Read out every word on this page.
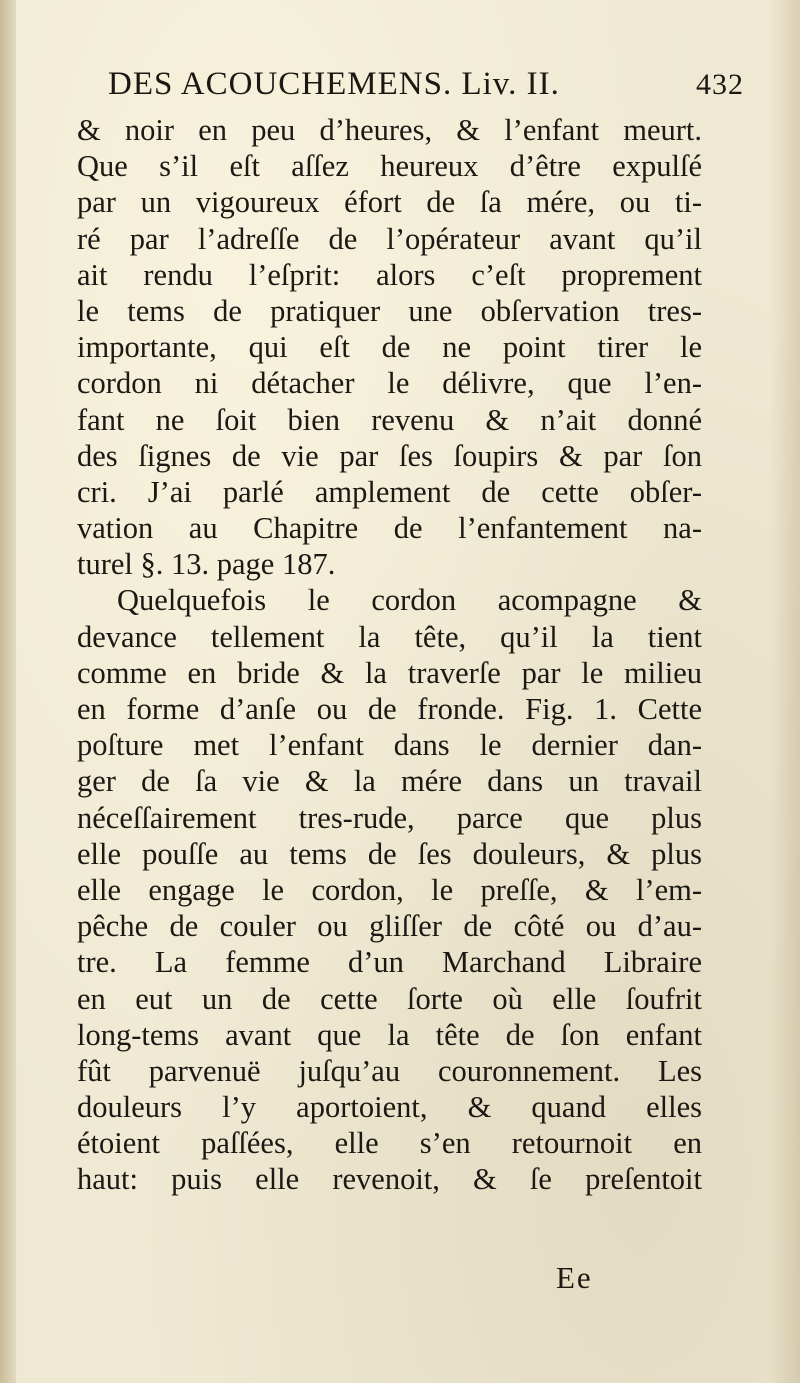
DES ACOUCHEMENS. Liv. II.	432
& noir en peu d’heures, & l’enfant meurt.
Que s’il eſt aſſez heureux d’être expulſé
par un vigoureux éfort de ſa mére, ou ti-
ré par l’adreſſe de l’opérateur avant qu’il
ait rendu l’eſprit: alors c’eſt proprement
le tems de pratiquer une obſervation tres-
importante, qui eſt de ne point tirer le
cordon ni détacher le délivre, que l’en-
fant ne ſoit bien revenu & n’ait donné
des ſignes de vie par ſes ſoupirs & par ſon
cri. J’ai parlé amplement de cette obſer-
vation au Chapitre de l’enfantement na-
turel §. 13. page 187.
Quelquefois le cordon acompagne &
devance tellement la tête, qu’il la tient
comme en bride & la traverſe par le milieu
en forme d’anſe ou de fronde. Fig. 1. Cette
poſture met l’enfant dans le dernier dan-
ger de ſa vie & la mére dans un travail
néceſſairement tres-rude, parce que plus
elle pouſſe au tems de ſes douleurs, & plus
elle engage le cordon, le preſſe, & l’em-
pêche de couler ou gliſſer de côté ou d’au-
tre. La femme d’un Marchand Libraire
en eut un de cette ſorte où elle ſoufrit
long-tems avant que la tête de ſon enfant
fût parvenuë juſqu’au couronnement. Les
douleurs l’y aportoient, & quand elles
étoient paſſées, elle s’en retournoit en
haut: puis elle revenoit, & ſe preſentoit
Ee
